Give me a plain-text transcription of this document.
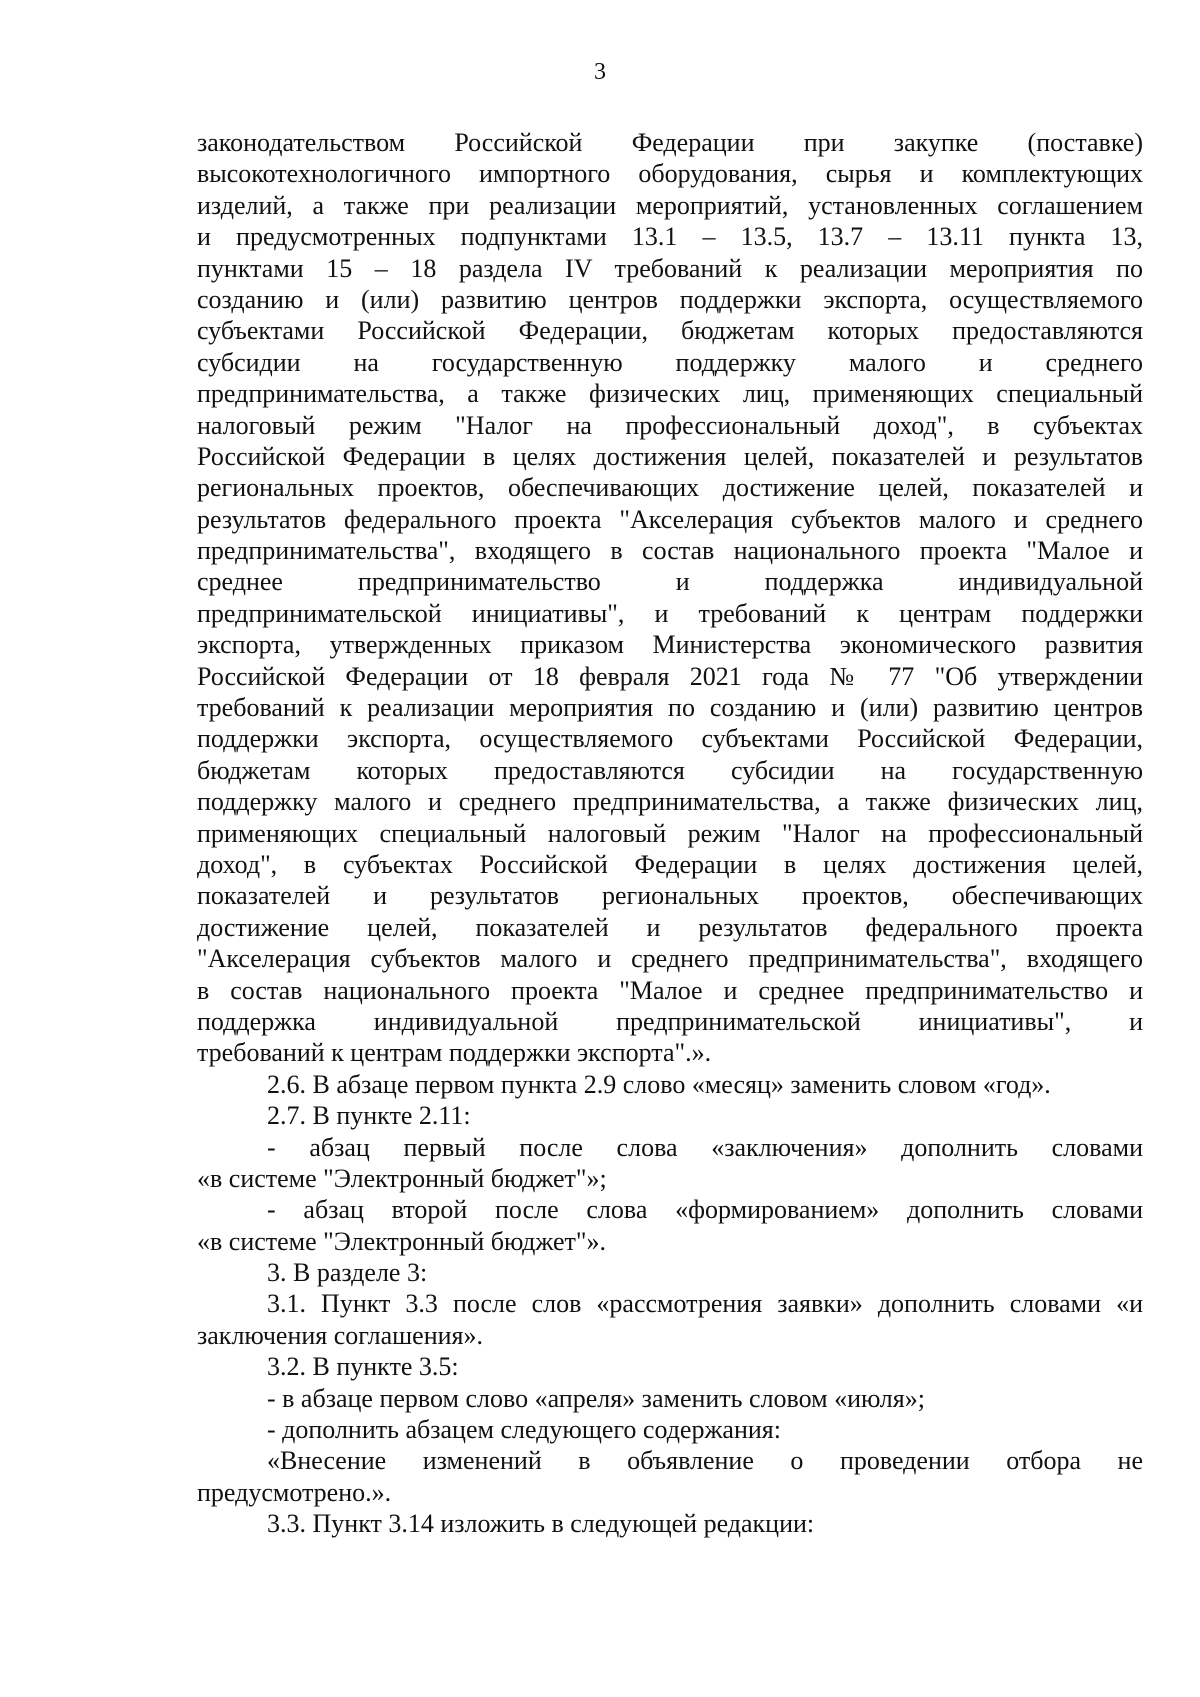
3
законодательством Российской Федерации при закупке (поставке)
высокотехнологичного импортного оборудования, сырья и комплектующих
изделий, а также при реализации мероприятий, установленных соглашением
и предусмотренных подпунктами 13.1 – 13.5, 13.7 – 13.11 пункта 13,
пунктами 15 – 18 раздела IV требований к реализации мероприятия по
созданию и (или) развитию центров поддержки экспорта, осуществляемого
субъектами Российской Федерации, бюджетам которых предоставляются
субсидии на государственную поддержку малого и среднего
предпринимательства, а также физических лиц, применяющих специальный
налоговый режим "Налог на профессиональный доход", в субъектах
Российской Федерации в целях достижения целей, показателей и результатов
региональных проектов, обеспечивающих достижение целей, показателей и
результатов федерального проекта "Акселерация субъектов малого и среднего
предпринимательства", входящего в состав национального проекта "Малое и
среднее предпринимательство и поддержка индивидуальной
предпринимательской инициативы", и требований к центрам поддержки
экспорта, утвержденных приказом Министерства экономического развития
Российской Федерации от 18 февраля 2021 года № 77 "Об утверждении
требований к реализации мероприятия по созданию и (или) развитию центров
поддержки экспорта, осуществляемого субъектами Российской Федерации,
бюджетам которых предоставляются субсидии на государственную
поддержку малого и среднего предпринимательства, а также физических лиц,
применяющих специальный налоговый режим "Налог на профессиональный
доход", в субъектах Российской Федерации в целях достижения целей,
показателей и результатов региональных проектов, обеспечивающих
достижение целей, показателей и результатов федерального проекта
"Акселерация субъектов малого и среднего предпринимательства", входящего
в состав национального проекта "Малое и среднее предпринимательство и
поддержка индивидуальной предпринимательской инициативы", и
требований к центрам поддержки экспорта".».
2.6. В абзаце первом пункта 2.9 слово «месяц» заменить словом «год».
2.7. В пункте 2.11:
- абзац первый после слова «заключения» дополнить словами
«в системе "Электронный бюджет"»;
- абзац второй после слова «формированием» дополнить словами
«в системе "Электронный бюджет"».
3. В разделе 3:
3.1. Пункт 3.3 после слов «рассмотрения заявки» дополнить словами «и
заключения соглашения».
3.2. В пункте 3.5:
- в абзаце первом слово «апреля» заменить словом «июля»;
- дополнить абзацем следующего содержания:
«Внесение изменений в объявление о проведении отбора не
предусмотрено.».
3.3. Пункт 3.14 изложить в следующей редакции:
